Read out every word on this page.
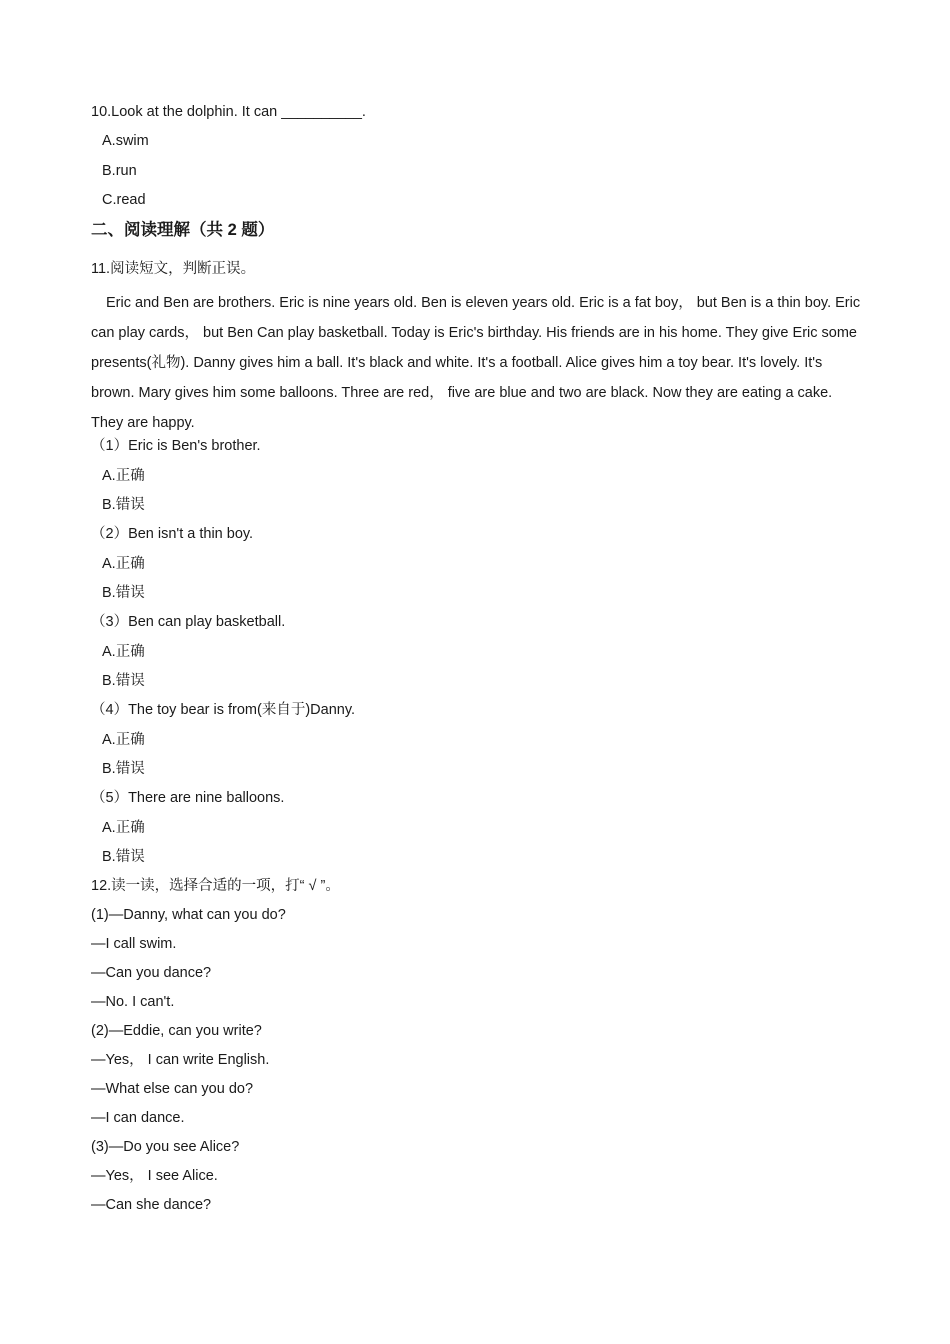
10.Look at the dolphin. It can __________.
A.swim
B.run
C.read
二、阅读理解（共 2 题）
11.阅读短文，判断正误。
Eric and Ben are brothers. Eric is nine years old. Ben is eleven years old. Eric is a fat boy， but Ben is a thin boy. Eric can play cards， but Ben Can play basketball. Today is Eric's birthday. His friends are in his home. They give Eric some presents(礼物). Danny gives him a ball. It's black and white. It's a football. Alice gives him a toy bear. It's lovely. It's brown. Mary gives him some balloons. Three are red， five are blue and two are black. Now they are eating a cake. They are happy.
（1）Eric is Ben's brother.
A.正确
B.错误
（2）Ben isn't a thin boy.
A.正确
B.错误
（3）Ben can play basketball.
A.正确
B.错误
（4）The toy bear is from(来自于)Danny.
A.正确
B.错误
（5）There are nine balloons.
A.正确
B.错误
12.读一读，选择合适的一项，打“ √ ”。
(1)—Danny, what can you do?
—I call swim.
—Can you dance?
—No. I can't.
(2)—Eddie, can you write?
—Yes， I can write English.
—What else can you do?
—I can dance.
(3)—Do you see Alice?
—Yes， I see Alice.
—Can she dance?
